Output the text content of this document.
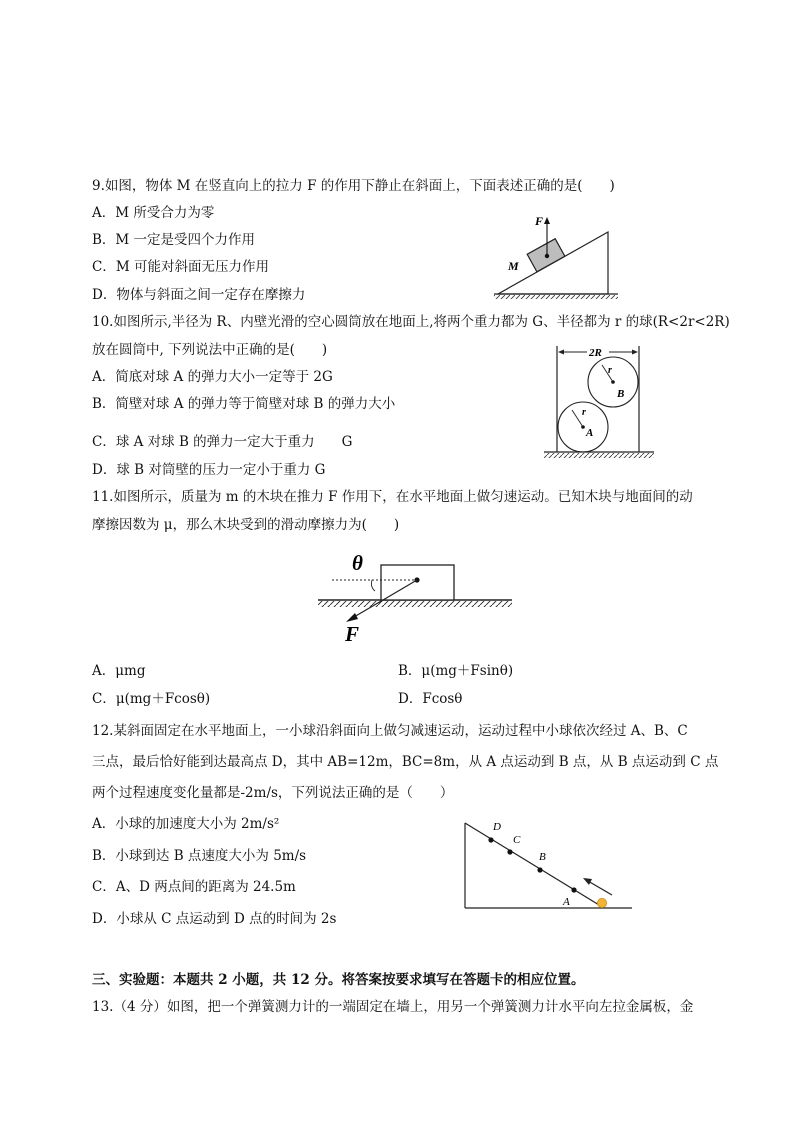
9.如图，物体 M 在竖直向上的拉力 F 的作用下静止在斜面上，下面表述正确的是(　　)
A．M 所受合力为零
B．M 一定是受四个力作用
C．M 可能对斜面无压力作用
D．物体与斜面之间一定存在摩擦力
F
M
10.如图所示,半径为 R、内壁光滑的空心圆筒放在地面上,将两个重力都为 G、半径都为 r 的球(R<2r<2R)
放在圆筒中, 下列说法中正确的是(　　)
A．简底对球 A 的弹力大小一定等于 2G
B．简壁对球 A 的弹力等于简壁对球 B 的弹力大小
C．球 A 对球 B 的弹力一定大于重力　　G
D．球 B 对筒壁的压力一定小于重力 G
2R
r
r
B
A
11.如图所示，质量为 m 的木块在推力 F 作用下，在水平地面上做匀速运动。已知木块与地面间的动
摩擦因数为 μ，那么木块受到的滑动摩擦力为(　　)
θ
F
A．μmg	B．μ(mg＋Fsinθ)
C．μ(mg＋Fcosθ)	D．Fcosθ
12.某斜面固定在水平地面上，一小球沿斜面向上做匀减速运动，运动过程中小球依次经过 A、B、C
三点，最后恰好能到达最高点 D，其中 AB=12m，BC=8m，从 A 点运动到 B 点，从 B 点运动到 C 点
两个过程速度变化量都是-2m/s，下列说法正确的是（　　）
A．小球的加速度大小为 2m/s²
B．小球到达 B 点速度大小为 5m/s
C．A、D 两点间的距离为 24.5m
D．小球从 C 点运动到 D 点的时间为 2s
D
C
B
A
三、实验题：本题共 2 小题，共 12 分。将答案按要求填写在答题卡的相应位置。
13.（4 分）如图，把一个弹簧测力计的一端固定在墙上，用另一个弹簧测力计水平向左拉金属板，金
